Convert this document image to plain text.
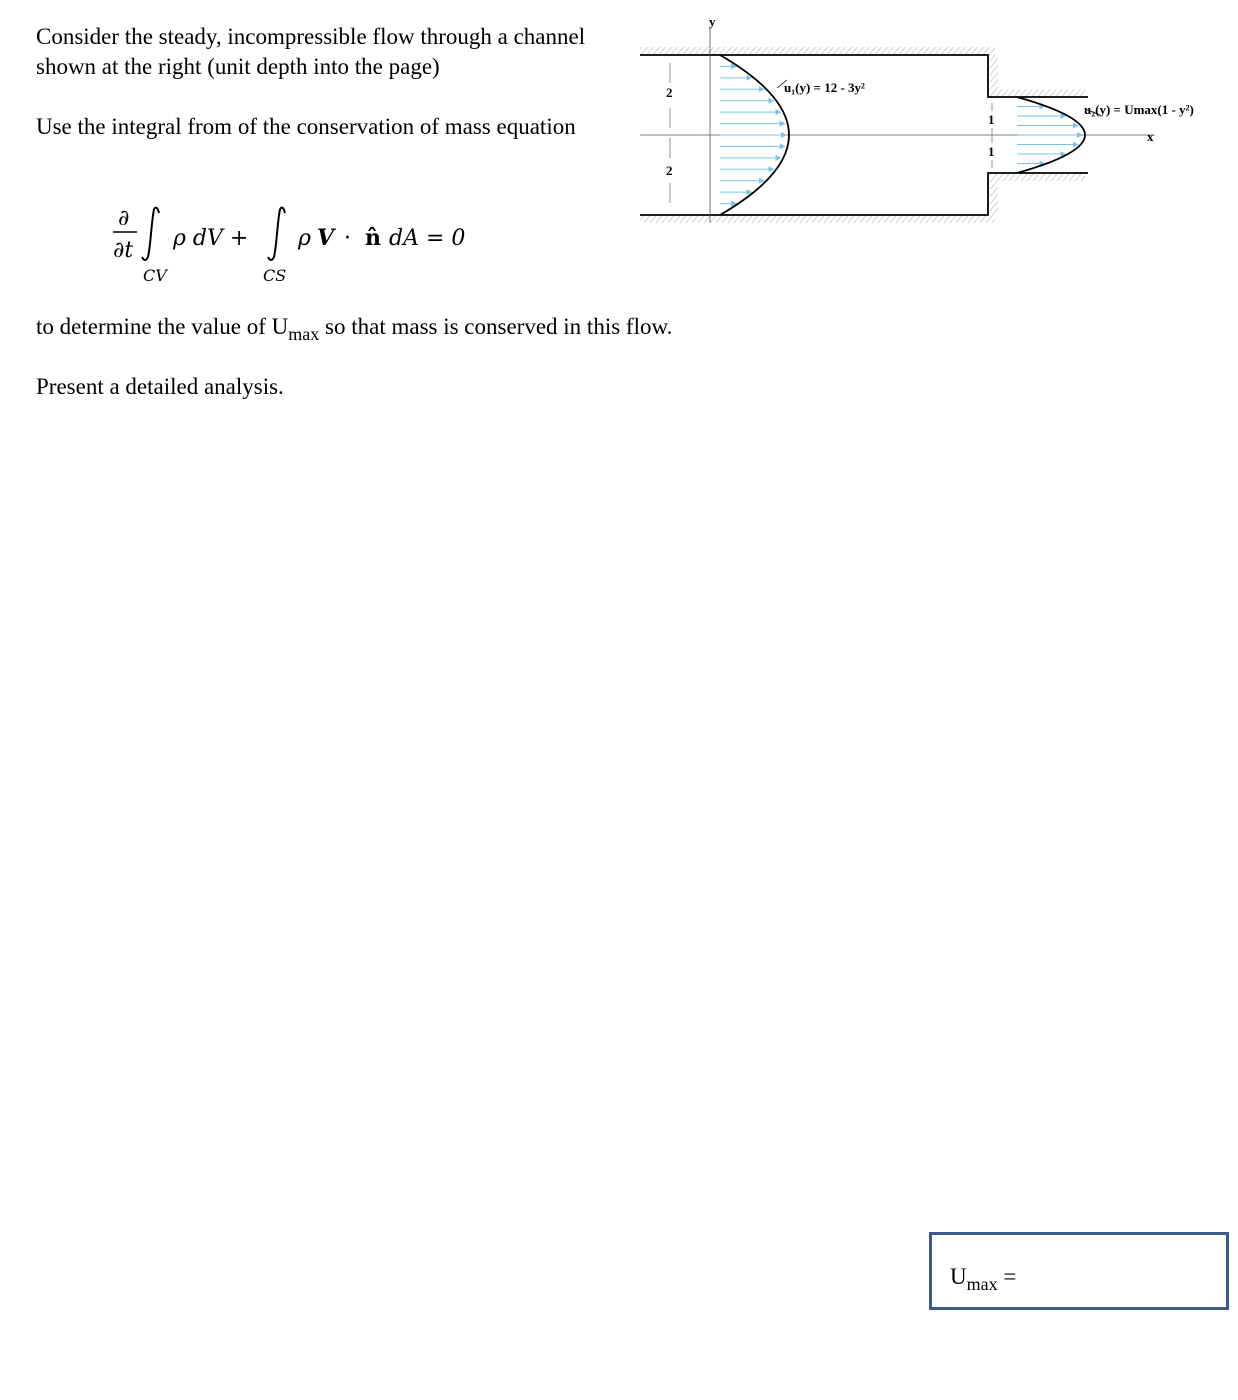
Consider the steady, incompressible flow through a channel shown at the right (unit depth into the page)

Use the integral from of the conservation of mass equation

∂
∂t ρ dV +
CV
ρ V · n̂ dA = 0
CS

to determine the value of $U_{max}$ so that mass is conserved in this flow.

Present a detailed analysis.

y
x
2
2
1
1
u₁(y) = 12 - 3y²
u₂(y) = Umax(1 - y²)
$U_{max}$ =
